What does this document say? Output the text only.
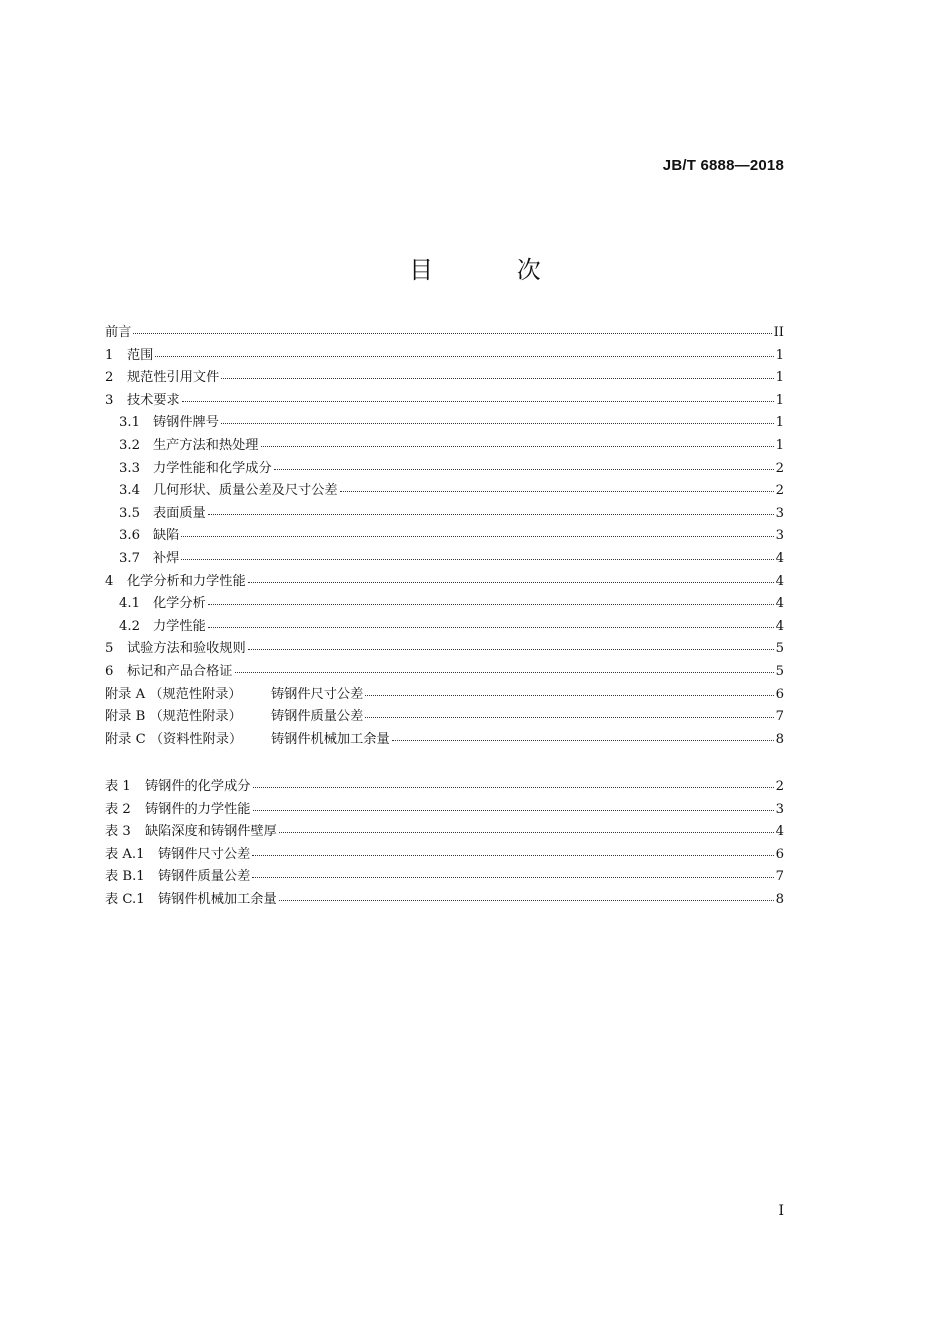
JB/T 6888—2018
目 次
前言	II
1	范围	1
2	规范性引用文件	1
3	技术要求	1
3.1 铸钢件牌号	1
3.2 生产方法和热处理	1
3.3 力学性能和化学成分	2
3.4 几何形状、质量公差及尺寸公差	2
3.5 表面质量	3
3.6 缺陷	3
3.7 补焊	4
4	化学分析和力学性能	4
4.1 化学分析	4
4.2 力学性能	4
5	试验方法和验收规则	5
6	标记和产品合格证	5
附录 A （规范性附录）	铸钢件尺寸公差	6
附录 B （规范性附录）	铸钢件质量公差	7
附录 C （资料性附录）	铸钢件机械加工余量	8
表 1	铸钢件的化学成分	2
表 2	铸钢件的力学性能	3
表 3	缺陷深度和铸钢件壁厚	4
表 A.1	铸钢件尺寸公差	6
表 B.1	铸钢件质量公差	7
表 C.1	铸钢件机械加工余量	8
I
